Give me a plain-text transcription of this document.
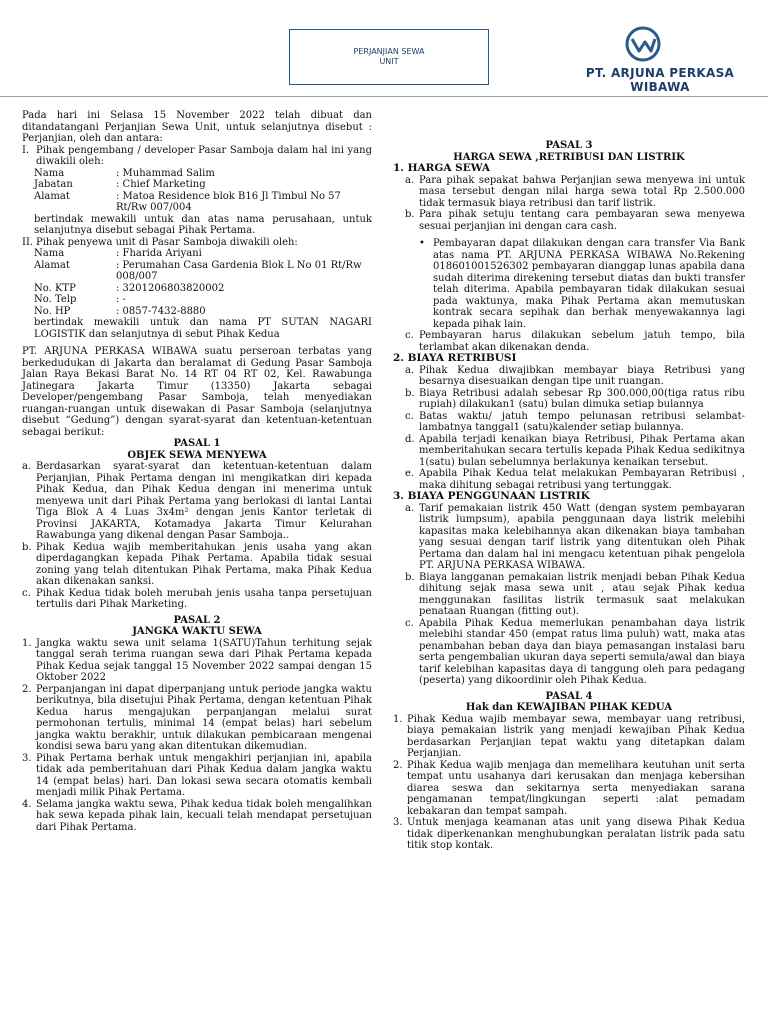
PERJANJIAN SEWA
UNIT
PT. ARJUNA PERKASA WIBAWA

Pada hari ini Selasa 15 November 2022 telah dibuat dan ditandatangani Perjanjian Sewa Unit, untuk selanjutnya disebut : Perjanjian, oleh dan antara:

I. Pihak pengembang / developer Pasar Samboja dalam hal ini yang diwakili oleh:
Nama	: Muhammad Salim
Jabatan	: Chief Marketing
Alamat	: Matoa Residence blok B16 Jl Timbul No 57 Rt/Rw 007/004

bertindak mewakili untuk dan atas nama perusahaan, untuk selanjutnya disebut sebagai Pihak Pertama.

II. Pihak penyewa unit di Pasar Samboja diwakili oleh:
Nama	: Fharida Ariyani
Alamat	: Perumahan Casa Gardenia Blok L No 01 Rt/Rw 008/007
No. KTP	: 3201206803820002
No. Telp	: -
No. HP	: 0857-7432-8880

bertindak mewakili untuk dan nama PT SUTAN NAGARI LOGISTIK dan selanjutnya di sebut Pihak Kedua

PT. ARJUNA PERKASA WIBAWA suatu perseroan terbatas yang berkedudukan di Jakarta dan beralamat di Gedung Pasar Samboja Jalan Raya Bekasi Barat No. 14 RT 04 RT 02, Kel. Rawabunga Jatinegara Jakarta Timur (13350) Jakarta sebagai Developer/pengembang Pasar Samboja, telah menyediakan ruangan-ruangan untuk disewakan di Pasar Samboja (selanjutnya disebut “Gedung”) dengan syarat-syarat dan ketentuan-ketentuan sebagai berikut:

PASAL 1

OBJEK SEWA MENYEWA

a. Berdasarkan syarat-syarat dan ketentuan-ketentuan dalam Perjanjian, Pihak Pertama dengan ini mengikatkan diri kepada Pihak Kedua, dan Pihak Kedua dengan ini menerima untuk menyewa unit dari Pihak Pertama yang berlokasi di lantai Lantai Tiga Blok A 4 Luas 3x4m² dengan jenis Kantor terletak di Provinsi JAKARTA, Kotamadya Jakarta Timur Kelurahan Rawabunga yang dikenal dengan Pasar Samboja..
b. Pihak Kedua wajib memberitahukan jenis usaha yang akan diperdagangkan kepada Pihak Pertama. Apabila tidak sesuai zoning yang telah ditentukan Pihak Pertama, maka Pihak Kedua akan dikenakan sanksi.
c. Pihak Kedua tidak boleh merubah jenis usaha tanpa persetujuan tertulis dari Pihak Marketing.

PASAL 2

JANGKA WAKTU SEWA

1. Jangka waktu sewa unit selama 1(SATU)Tahun terhitung sejak tanggal serah terima ruangan sewa dari Pihak Pertama kepada Pihak Kedua sejak tanggal 15 November 2022 sampai dengan 15 Oktober 2022
2. Perpanjangan ini dapat diperpanjang untuk periode jangka waktu berikutnya, bila disetujui Pihak Pertama, dengan ketentuan Pihak Kedua harus mengajukan perpanjangan melalui surat permohonan tertulis, minimal 14 (empat belas) hari sebelum jangka waktu berakhir, untuk dilakukan pembicaraan mengenai kondisi sewa baru yang akan ditentukan dikemudian.
3. Pihak Pertama berhak untuk mengakhiri perjanjian ini, apabila tidak ada pemberitahuan dari Pihak Kedua dalam jangka waktu 14 (empat belas) hari. Dan lokasi sewa secara otomatis kembali menjadi milik Pihak Pertama.
4. Selama jangka waktu sewa, Pihak kedua tidak boleh mengalihkan hak sewa kepada pihak lain, kecuali telah mendapat persetujuan dari Pihak Pertama.

PASAL 3

HARGA SEWA ,RETRIBUSI DAN LISTRIK

1. HARGA SEWA

a. Para pihak sepakat bahwa Perjanjian sewa menyewa ini untuk masa tersebut dengan nilai harga sewa total Rp 2.500.000 tidak termasuk biaya retribusi dan tarif listrik.
b. Para pihak setuju tentang cara pembayaran sewa menyewa sesuai perjanjian ini dengan cara cash.
• Pembayaran dapat dilakukan dengan cara transfer Via Bank atas nama PT. ARJUNA PERKASA WIBAWA No.Rekening 018601001526302 pembayaran dianggap lunas apabila dana sudah diterima direkening tersebut diatas dan bukti transfer telah diterima. Apabila pembayaran tidak dilakukan sesuai pada waktunya, maka Pihak Pertama akan memutuskan kontrak secara sepihak dan berhak menyewakannya lagi kepada pihak lain.
c. Pembayaran harus dilakukan sebelum jatuh tempo, bila terlambat akan dikenakan denda.

2. BIAYA RETRIBUSI

a. Pihak Kedua diwajibkan membayar biaya Retribusi yang besarnya disesuaikan dengan tipe unit ruangan.
b. Biaya Retribusi adalah sebesar Rp 300.000,00(tiga ratus ribu rupiah) dilakukan1 (satu) bulan dimuka setiap bulannya
c. Batas waktu/ jatuh tempo pelunasan retribusi selambat-lambatnya tanggal1 (satu)kalender setiap bulannya.
d. Apabila terjadi kenaikan biaya Retribusi, Pihak Pertama akan memberitahukan secara tertulis kepada Pihak Kedua sedikitnya 1(satu) bulan sebelumnya berlakunya kenaikan tersebut.
e. Apabila Pihak Kedua telat melakukan Pembayaran Retribusi , maka dihitung sebagai retribusi yang tertunggak.

3. BIAYA PENGGUNAAN LISTRIK

a. Tarif pemakaian listrik 450 Watt (dengan system pembayaran listrik lumpsum), apabila penggunaan daya listrik melebihi kapasitas maka kelebihannya akan dikenakan biaya tambahan yang sesuai dengan tarif listrik yang ditentukan oleh Pihak Pertama dan dalam hal ini mengacu ketentuan pihak pengelola PT. ARJUNA PERKASA WIBAWA.
b. Biaya langganan pemakaian listrik menjadi beban Pihak Kedua dihitung sejak masa sewa unit , atau sejak Pihak kedua menggunakan fasilitas listrik termasuk saat melakukan penataan Ruangan (fitting out).
c. Apabila Pihak Kedua memerlukan penambahan daya listrik melebihi standar 450 (empat ratus lima puluh) watt, maka atas penambahan beban daya dan biaya pemasangan instalasi baru serta pengembalian ukuran daya seperti semula/awal dan biaya tarif kelebihan kapasitas daya di tanggung oleh para pedagang (peserta) yang dikoordinir oleh Pihak Kedua.

PASAL 4

Hak dan KEWAJIBAN PIHAK KEDUA

1. Pihak Kedua wajib membayar sewa, membayar uang retribusi, biaya pemakaian listrik yang menjadi kewajiban Pihak Kedua berdasarkan Perjanjian tepat waktu yang ditetapkan dalam Perjanjian.
2. Pihak Kedua wajib menjaga dan memelihara keutuhan unit serta tempat untu usahanya dari kerusakan dan menjaga kebersihan diarea seswa dan sekitarnya serta menyediakan sarana pengamanan tempat/lingkungan seperti :alat pemadam kebakaran dan tempat sampah.
3. Untuk menjaga keamanan atas unit yang disewa Pihak Kedua tidak diperkenankan menghubungkan peralatan listrik pada satu titik stop kontak.
